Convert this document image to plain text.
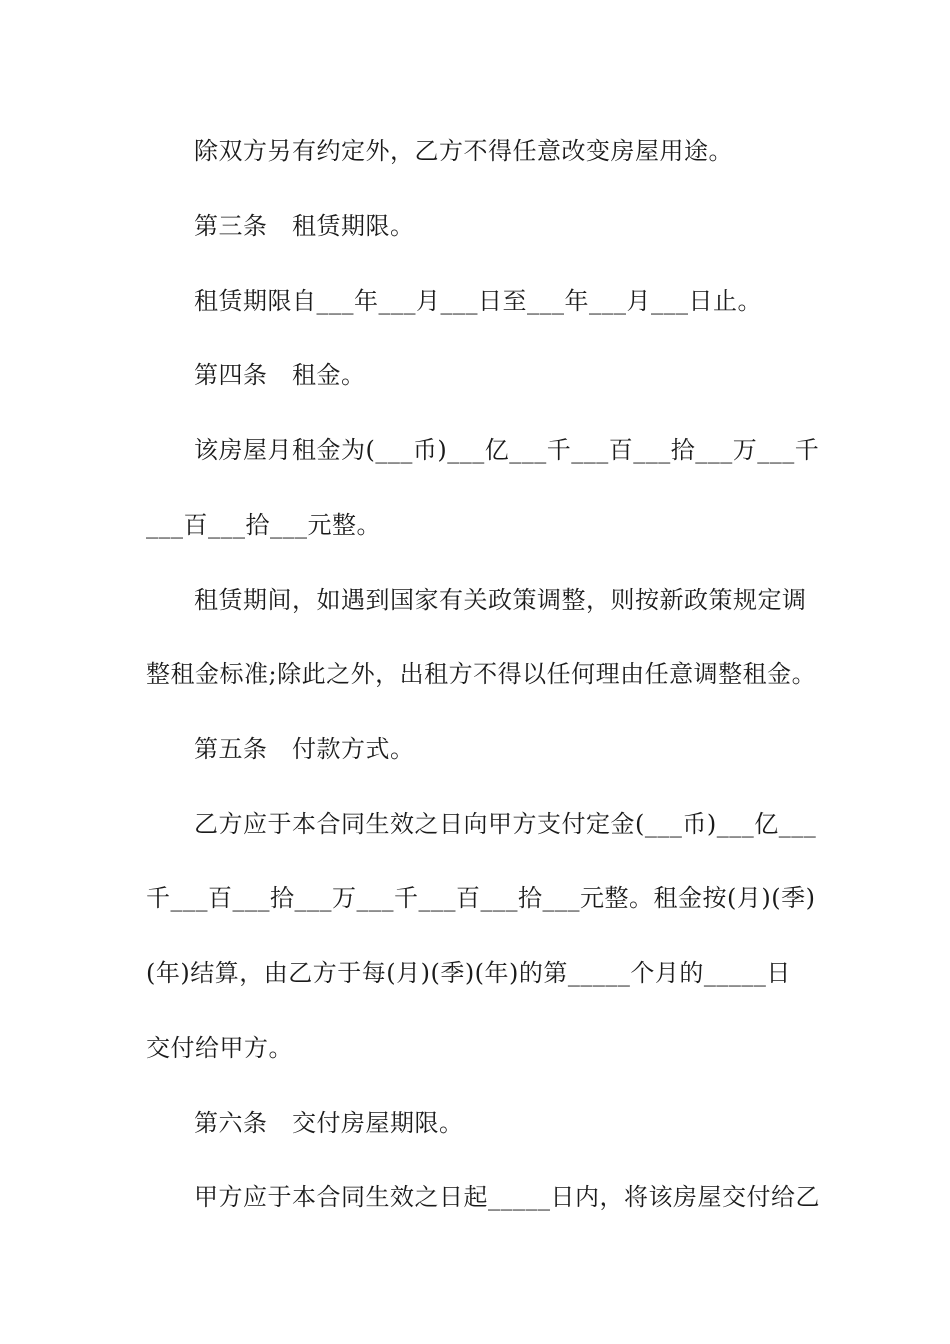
除双方另有约定外，乙方不得任意改变房屋用途。
第三条　租赁期限。
租赁期限自___年___月___日至___年___月___日止。
第四条　租金。
该房屋月租金为(___币)___亿___千___百___拾___万___千
___百___拾___元整。
租赁期间，如遇到国家有关政策调整，则按新政策规定调
整租金标准;除此之外，出租方不得以任何理由任意调整租金。
第五条　付款方式。
乙方应于本合同生效之日向甲方支付定金(___币)___亿___
千___百___拾___万___千___百___拾___元整。租金按(月)(季)
(年)结算，由乙方于每(月)(季)(年)的第_____个月的_____日
交付给甲方。
第六条　交付房屋期限。
甲方应于本合同生效之日起_____日内，将该房屋交付给乙
